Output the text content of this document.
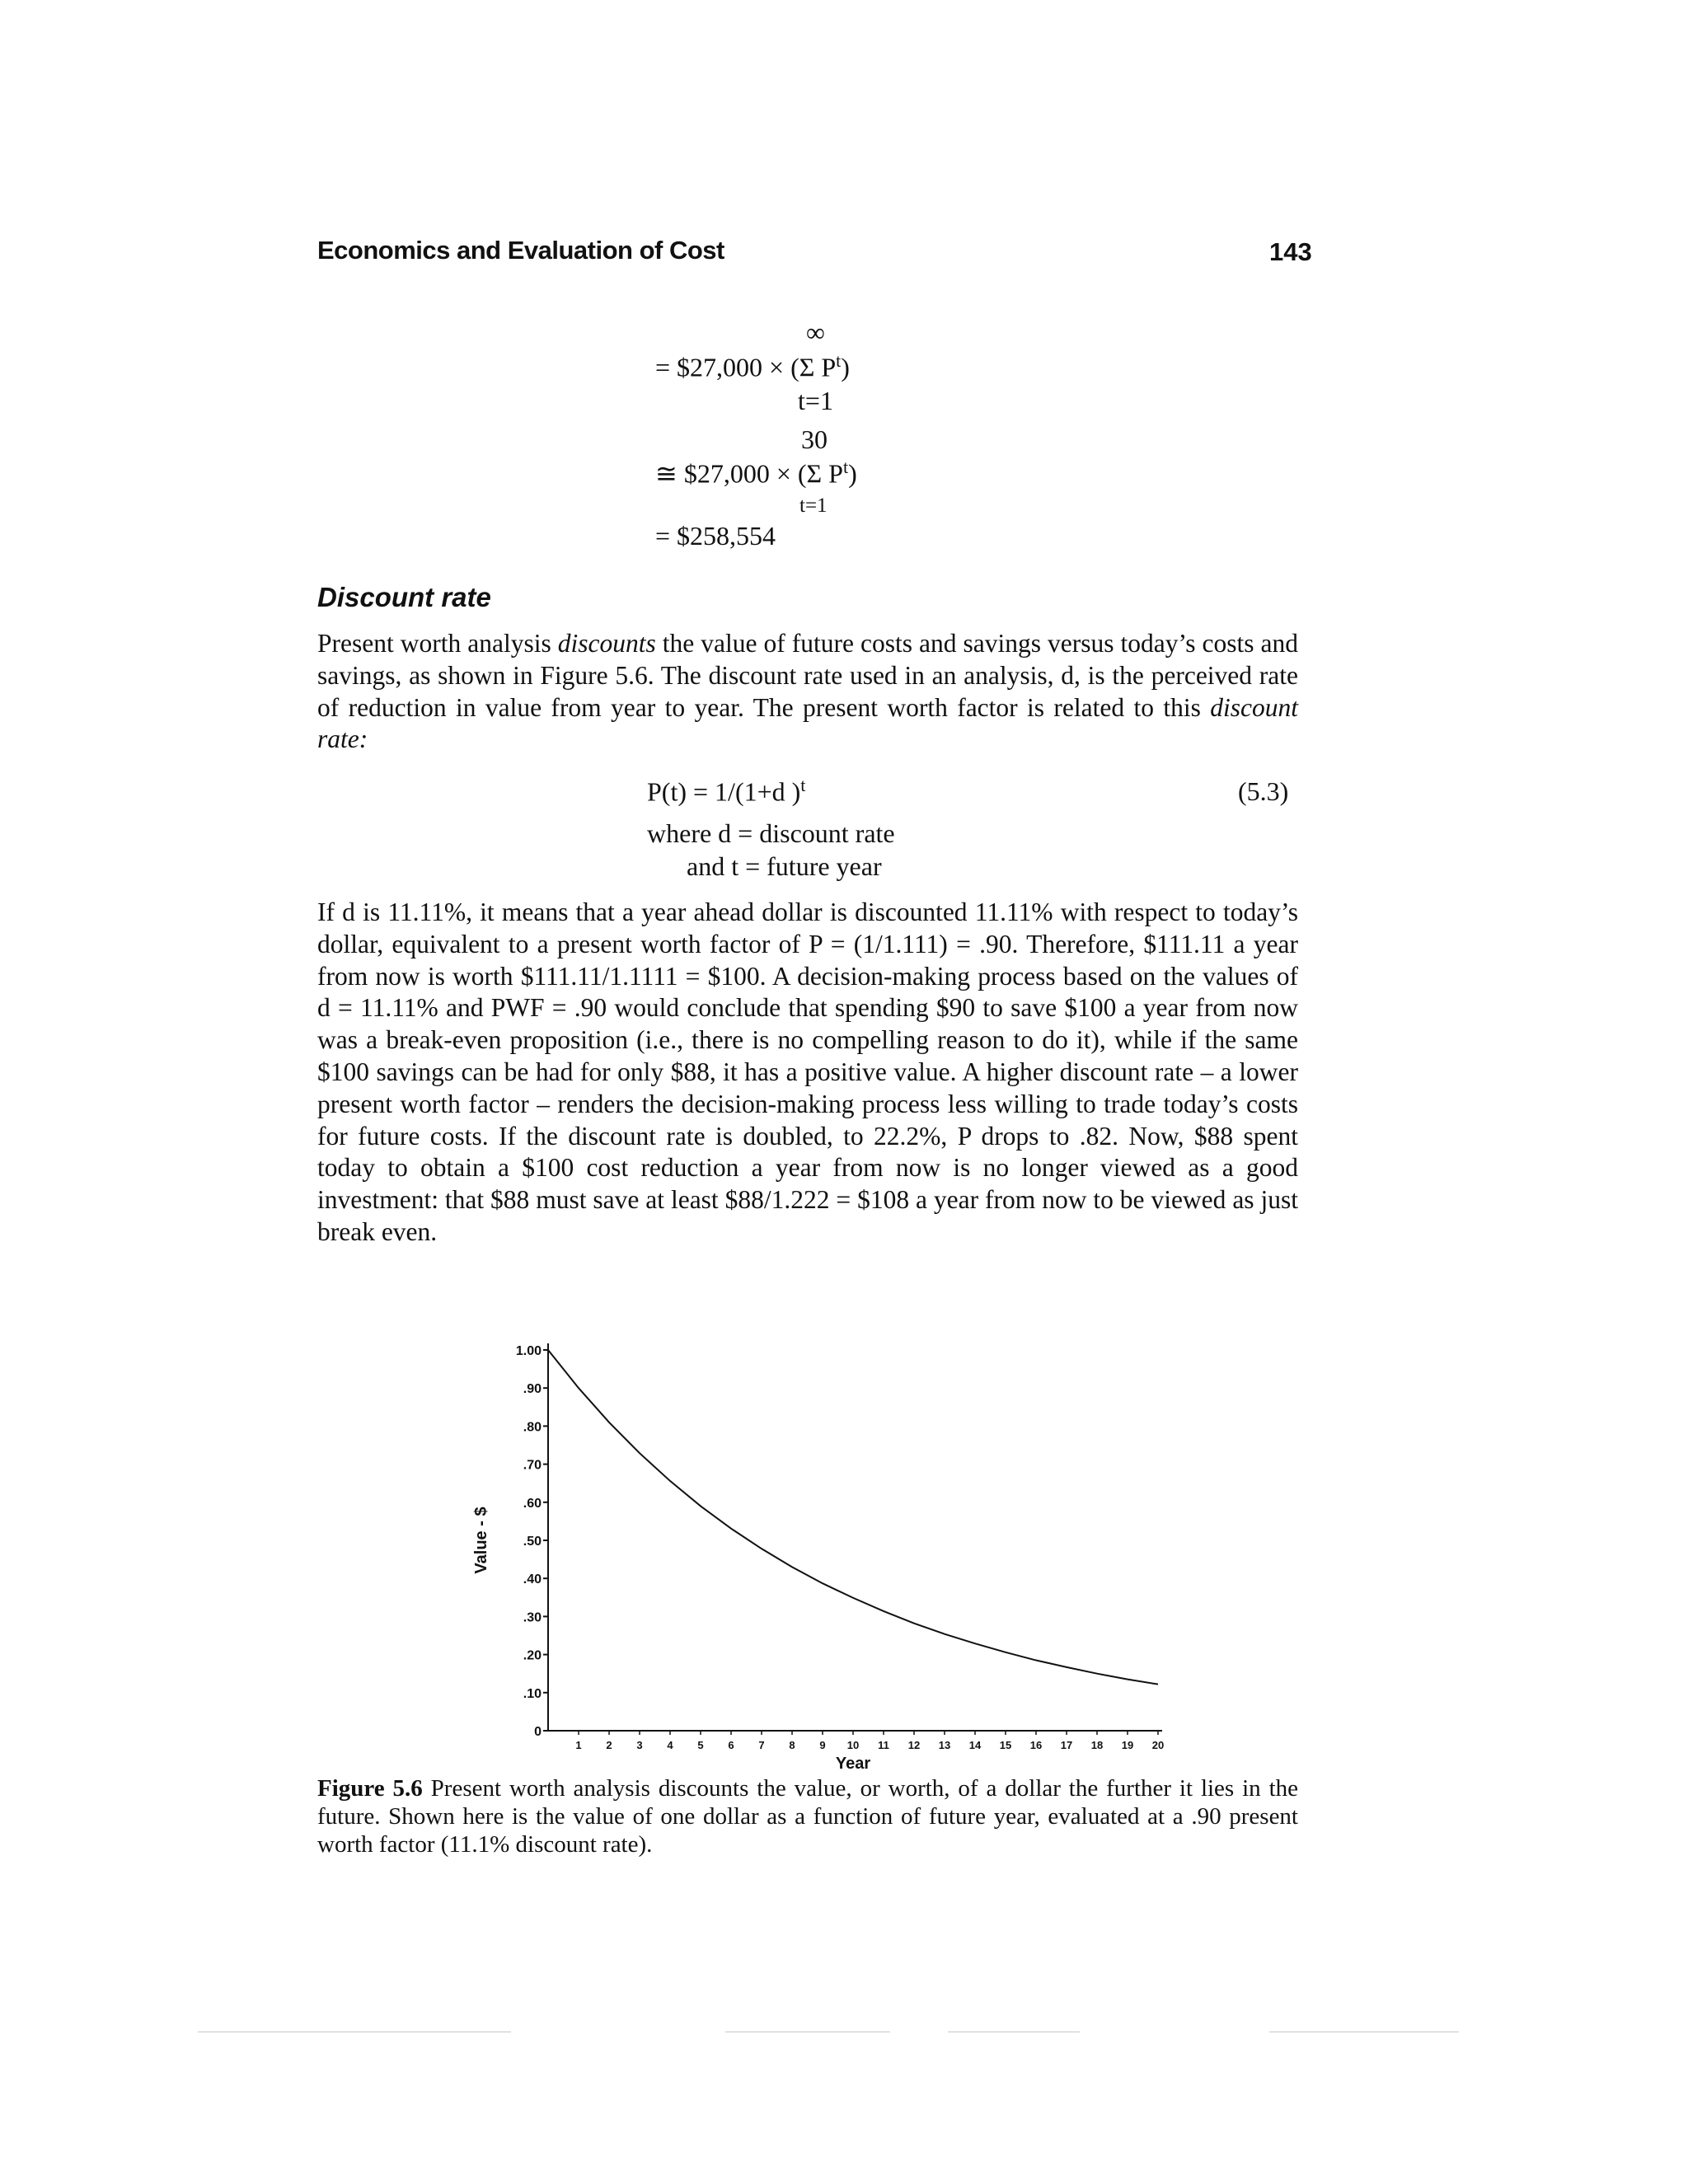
Economics and Evaluation of Cost	143
= $27,000 × (Σ $P^t$)
∞
t=1
≅ $27,000 × (Σ $P^t$)
30
t=1
= $258,554
Discount rate

Present worth analysis discounts the value of future costs and savings versus today’s costs and savings, as shown in Figure 5.6. The discount rate used in an analysis, d, is the perceived rate of reduction in value from year to year. The present worth factor is related to this discount rate:

P(t) = 1/(1+d )$^t$	(5.3)
where d = discount rate
and t = future year

If d is 11.11%, it means that a year ahead dollar is discounted 11.11% with respect to today’s dollar, equivalent to a present worth factor of P = (1/1.111) = .90. Therefore, $111.11 a year from now is worth $111.11/1.1111 = $100. A decision-making process based on the values of d = 11.11% and PWF = .90 would conclude that spending $90 to save $100 a year from now was a break-even proposition (i.e., there is no compelling reason to do it), while if the same $100 savings can be had for only $88, it has a positive value. A higher discount rate – a lower present worth factor – renders the decision-making process less willing to trade today’s costs for future costs. If the discount rate is doubled, to 22.2%, P drops to .82. Now, $88 spent today to obtain a $100 cost reduction a year from now is no longer viewed as a good investment: that $88 must save at least $88/1.222 = $108 a year from now to be viewed as just break even.

0
.10
.20
.30
.40
.50
.60
.70
.80
.90
1.00
1 2 3 4 5 6 7 8 9 10 11 12 13 14 15 16 17 18 19 20
Year
Value - $

Figure 5.6 Present worth analysis discounts the value, or worth, of a dollar the further it lies in the future. Shown here is the value of one dollar as a function of future year, evaluated at a .90 present worth factor (11.1% discount rate).
